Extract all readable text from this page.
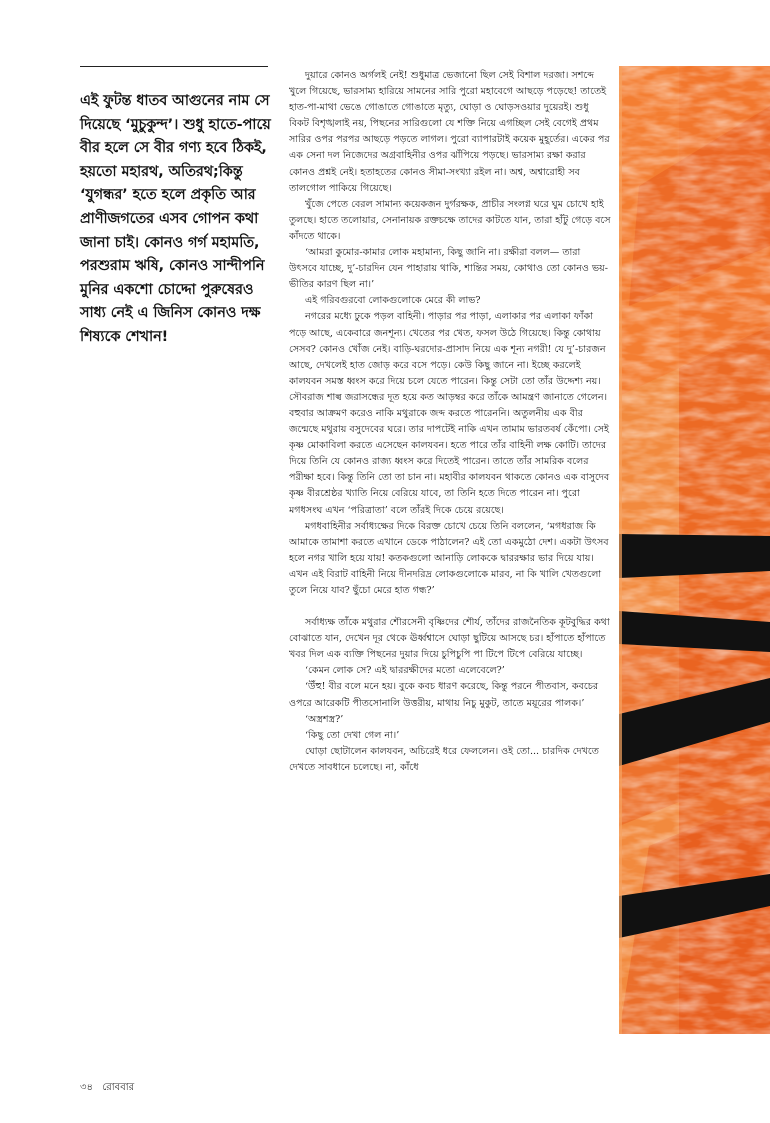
এই ফুটন্ত ধাতব আগুনের নাম সে দিয়েছে ‘মুচুকুন্দ’। শুধু হাতে-পায়ে বীর হলে সে বীর গণ্য হবে ঠিকই, হয়তো মহারথ, অতিরথ;কিন্তু ‘যুগন্ধর’ হতে হলে প্রকৃতি আর প্রাণীজগতের এসব গোপন কথা জানা চাই। কোনও গর্গ মহামতি, পরশুরাম ঋষি, কোনও সান্দীপনি মুনির একশো চোদ্দো পুরুষেরও সাধ্য নেই এ জিনিস কোনও দক্ষ শিষ্যকে শেখান!

দুয়ারে কোনও অর্গলই নেই! শুধুমাত্র ভেজানো ছিল সেই বিশাল দরজা। সশব্দে খুলে গিয়েছে, ভারসাম্য হারিয়ে সামনের সারি পুরো মহাবেগে আছড়ে পড়েছে! তাতেই হাত-পা-মাথা ভেঙে গোঙাতে গোঙাতে মৃত্যু, ঘোড়া ও ঘোড়সওয়ার দুয়েরই। শুধু বিকট বিশৃঙ্খলাই নয়, পিছনের সারিগুলো যে শক্তি নিয়ে এগচ্ছিল সেই বেগেই প্রথম সারির ওপর পরপর আছড়ে পড়তে লাগল। পুরো ব্যাপারটাই কয়েক মুহূর্তের। একের পর এক সেনা দল নিজেদের অগ্রবাহিনীর ওপর ঝাঁপিয়ে পড়ছে। ভারসাম্য রক্ষা করার কোনও প্রশ্নই নেই। হতাহতের কোনও সীমা-সংখ্যা রইল না। অশ্ব, অশ্বারোহী সব তালগোল পাকিয়ে গিয়েছে।

খুঁজে পেতে বেরল সামান্য কয়েকজন দুর্গরক্ষক, প্রাচীর সংলগ্ন ঘরে ঘুম চোখে হাই তুলছে। হাতে তলোয়ার, সেনানায়ক রক্তচক্ষে তাদের কাটতে যান, তারা হাঁটু গেড়ে বসে কাঁদতে থাকে।

‘আমরা কুমোর-কামার লোক মহামান্য, কিছু জানি না। রক্ষীরা বলল— তারা উৎসবে যাচ্ছে, দু’-চারদিন যেন পাহারায় থাকি, শান্তির সময়, কোথাও তো কোনও ভয়-ভীতির কারণ ছিল না।’

এই গরিবগুরবো লোকগুলোকে মেরে কী লাভ?

নগরের মধ্যে ঢুকে পড়ল বাহিনী। পাড়ার পর পাড়া, এলাকার পর এলাকা ফাঁকা পড়ে আছে, একেবারে জনশূন্য। খেতের পর খেত, ফসল উঠে গিয়েছে। কিন্তু কোথায় সেসব? কোনও খোঁজ নেই। বাড়ি-ঘরদোর-প্রাসাদ নিয়ে এক শূন্য নগরী! যে দু’-চারজন আছে, দেখলেই হাত জোড় করে বসে পড়ে। কেউ কিছু জানে না। ইচ্ছে করলেই কালযবন সমস্ত ধ্বংস করে দিয়ে চলে যেতে পারেন। কিন্তু সেটা তো তাঁর উদ্দেশ্য নয়। সৌবরাজ শাল্ব জরাসন্ধের দূত হয়ে কত আড়ম্বর করে তাঁকে আমন্ত্রণ জানাতে গেলেন। বহুবার আক্রমণ করেও নাকি মথুরাকে জব্দ করতে পারেননি। অতুলনীয় এক বীর জন্মেছে মথুরায় বসুদেবের ঘরে। তার দাপটেই নাকি এখন তামাম ভারতবর্ষ কেঁপো। সেই কৃষ্ণ মোকাবিলা করতে এসেছেন কালযবন। হতে পারে তাঁর বাহিনী লক্ষ কোটি। তাদের দিয়ে তিনি যে কোনও রাজ্য ধ্বংস করে দিতেই পারেন। তাতে তাঁর সামরিক বলের পরীক্ষা হবে। কিন্তু তিনি তো তা চান না। মহাবীর কালযবন থাকতে কোনও এক বাসুদেব কৃষ্ণ বীরশ্রেষ্ঠর খ্যাতি নিয়ে বেরিয়ে যাবে, তা তিনি হতে দিতে পারেন না। পুরো মগধসংঘ এখন ‘পরিত্রাতা’ বলে তাঁরই দিকে চেয়ে রয়েছে।

মগধবাহিনীর সর্বাধ্যক্ষের দিকে বিরক্ত চোখে চেয়ে তিনি বললেন, ‘মগধরাজ কি আমাকে তামাশা করতে এখানে ডেকে পাঠালেন? এই তো একমুঠো দেশ। একটা উৎসব হলে নগর খালি হয়ে যায়! কতকগুলো আনাড়ি লোককে দ্বাররক্ষার ভার দিয়ে যায়। এখন এই বিরাট বাহিনী নিয়ে দীনদরিদ্র লোকগুলোকে মারব, না কি খালি খেতগুলো তুলে নিয়ে যাব? ছুঁচো মেরে হাত গন্ধ?’

সর্বাধ্যক্ষ তাঁকে মথুরার শৌরসেনী বৃষ্ণিদের শৌর্য, তাঁদের রাজনৈতিক কূটবুদ্ধির কথা বোঝাতে যান, দেখেন দূর থেকে ঊর্ধ্বশ্বাসে ঘোড়া ছুটিয়ে আসছে চর। হাঁপাতে হাঁপাতে খবর দিল এক ব্যক্তি পিছনের দুয়ার দিয়ে চুপিচুপি পা টিপে টিপে বেরিয়ে যাচ্ছে।

‘কেমন লোক সে? এই দ্বাররক্ষীদের মতো এলেবেলে?’

‘উঁহু! বীর বলে মনে হয়। বুকে কবচ ধারণ করেছে, কিন্তু পরনে পীতবাস, কবচের ওপরে আরেকটি পীতসোনালি উত্তরীয়, মাথায় নিচু মুকুট, তাতে ময়ূরের পালক।’

‘অস্ত্রশস্ত্র?’

‘কিছু তো দেখা গেল না।’

ঘোড়া ছোটালেন কালযবন, অচিরেই ধরে ফেললেন। ওই তো... চারদিক দেখতে দেখতে সাবধানে চলেছে। না, কাঁধে

৩৪ রোববার
